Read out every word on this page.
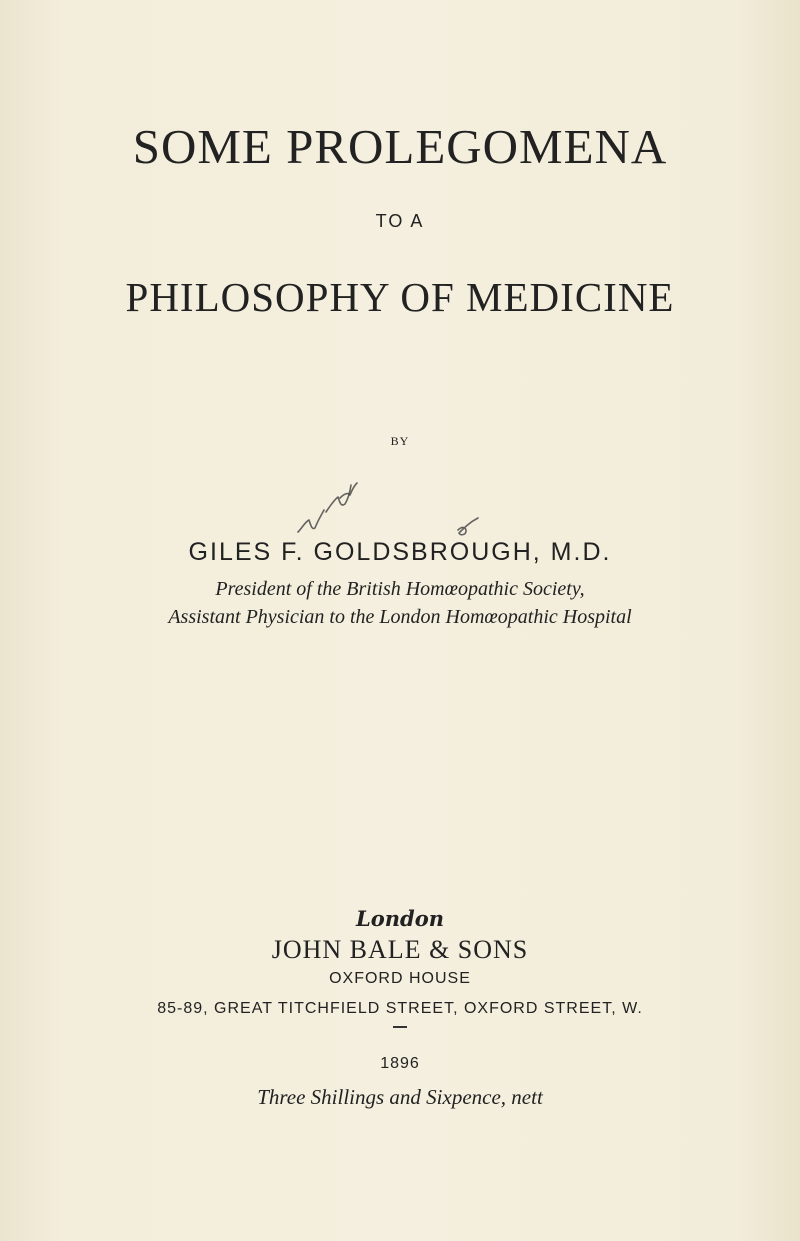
SOME PROLEGOMENA
TO A
PHILOSOPHY OF MEDICINE
BY
GILES F. GOLDSBROUGH, M.D.
President of the British Homœopathic Society,
Assistant Physician to the London Homœopathic Hospital
London
JOHN BALE & SONS
OXFORD HOUSE
85-89, GREAT TITCHFIELD STREET, OXFORD STREET, W.
1896
Three Shillings and Sixpence, nett
